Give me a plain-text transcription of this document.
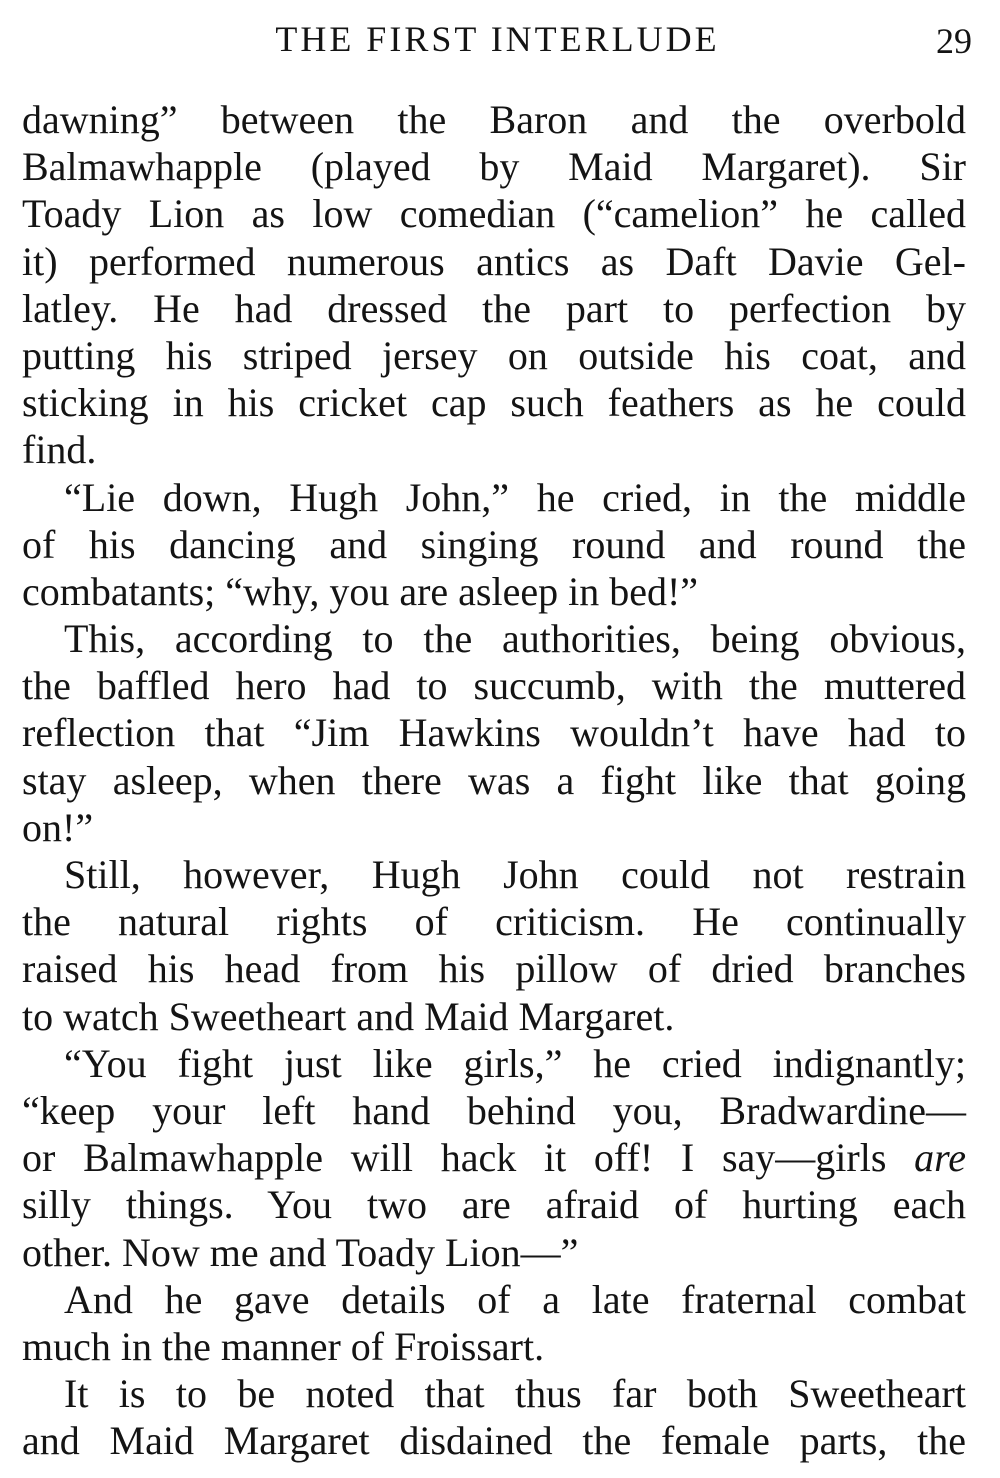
THE FIRST INTERLUDE	29
dawning” between the Baron and the overbold
Balmawhapple (played by Maid Margaret). Sir
Toady Lion as low comedian (“camelion” he called
it) performed numerous antics as Daft Davie Gel-
latley. He had dressed the part to perfection by
putting his striped jersey on outside his coat, and
sticking in his cricket cap such feathers as he could
find.
“Lie down, Hugh John,” he cried, in the middle
of his dancing and singing round and round the
combatants; “why, you are asleep in bed!”
This, according to the authorities, being obvious,
the baffled hero had to succumb, with the muttered
reflection that “Jim Hawkins wouldn’t have had to
stay asleep, when there was a fight like that going
on!”
Still, however, Hugh John could not restrain
the natural rights of criticism. He continually
raised his head from his pillow of dried branches
to watch Sweetheart and Maid Margaret.
“You fight just like girls,” he cried indignantly;
“keep your left hand behind you, Bradwardine—
or Balmawhapple will hack it off! I say—girls are
silly things. You two are afraid of hurting each
other. Now me and Toady Lion—”
And he gave details of a late fraternal combat
much in the manner of Froissart.
It is to be noted that thus far both Sweetheart
and Maid Margaret disdained the female parts, the
